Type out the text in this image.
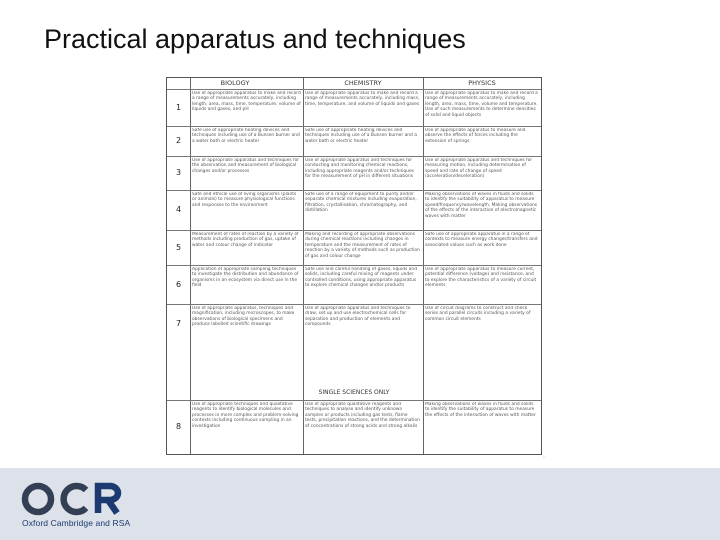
Practical apparatus and techniques
BIOLOGY	CHEMISTRY	PHYSICS
SINGLE SCIENCES ONLY
1
Use of appropriate apparatus to make and record a range of measurements accurately, including length, area, mass, time, temperature, volume of liquids and gases, and pH
Use of appropriate apparatus to make and record a range of measurements accurately, including mass, time, temperature, and volume of liquids and gases
Use of appropriate apparatus to make and record a range of measurements accurately, including length, area, mass, time, volume and temperature. Use of such measurements to determine densities of solid and liquid objects
2
Safe use of appropriate heating devices and techniques including use of a Bunsen burner and a water bath or electric heater
Safe use of appropriate heating devices and techniques including use of a Bunsen burner and a water bath or electric heater
Use of appropriate apparatus to measure and observe the effects of forces including the extension of springs
3
Use of appropriate apparatus and techniques for the observation and measurement of biological changes and/or processes
Use of appropriate apparatus and techniques for conducting and monitoring chemical reactions, including appropriate reagents and/or techniques for the measurement of pH in different situations
Use of appropriate apparatus and techniques for measuring motion, including determination of speed and rate of change of speed (acceleration/deceleration)
4
Safe and ethical use of living organisms (plants or animals) to measure physiological functions and responses to the environment
Safe use of a range of equipment to purify and/or separate chemical mixtures including evaporation, filtration, crystallisation, chromatography, and distillation
Making observations of waves in fluids and solids to identify the suitability of apparatus to measure speed/frequency/wavelength. Making observations of the effects of the interaction of electromagnetic waves with matter
5
Measurement of rates of reaction by a variety of methods including production of gas, uptake of water and colour change of indicator
Making and recording of appropriate observations during chemical reactions including changes in temperature and the measurement of rates of reaction by a variety of methods such as production of gas and colour change
Safe use of appropriate apparatus in a range of contexts to measure energy changes/transfers and associated values such as work done
6
Application of appropriate sampling techniques to investigate the distribution and abundance of organisms in an ecosystem via direct use in the field
Safe use and careful handling of gases, liquids and solids, including careful mixing of reagents under controlled conditions, using appropriate apparatus to explore chemical changes and/or products
Use of appropriate apparatus to measure current, potential difference (voltage) and resistance, and to explore the characteristics of a variety of circuit elements
7
Use of appropriate apparatus, techniques and magnification, including microscopes, to make observations of biological specimens and produce labelled scientific drawings
Use of appropriate apparatus and techniques to draw, set up and use electrochemical cells for separation and production of elements and compounds
Use of circuit diagrams to construct and check series and parallel circuits including a variety of common circuit elements
8
Use of appropriate techniques and qualitative reagents to identify biological molecules and processes in more complex and problem-solving contexts including continuous sampling in an investigation
Use of appropriate qualitative reagents and techniques to analyse and identify unknown samples or products including gas tests, flame tests, precipitation reactions, and the determination of concentrations of strong acids and strong alkalis
Making observations of waves in fluids and solids to identify the suitability of apparatus to measure the effects of the interaction of waves with matter
▫
Oxford Cambridge and RSA
